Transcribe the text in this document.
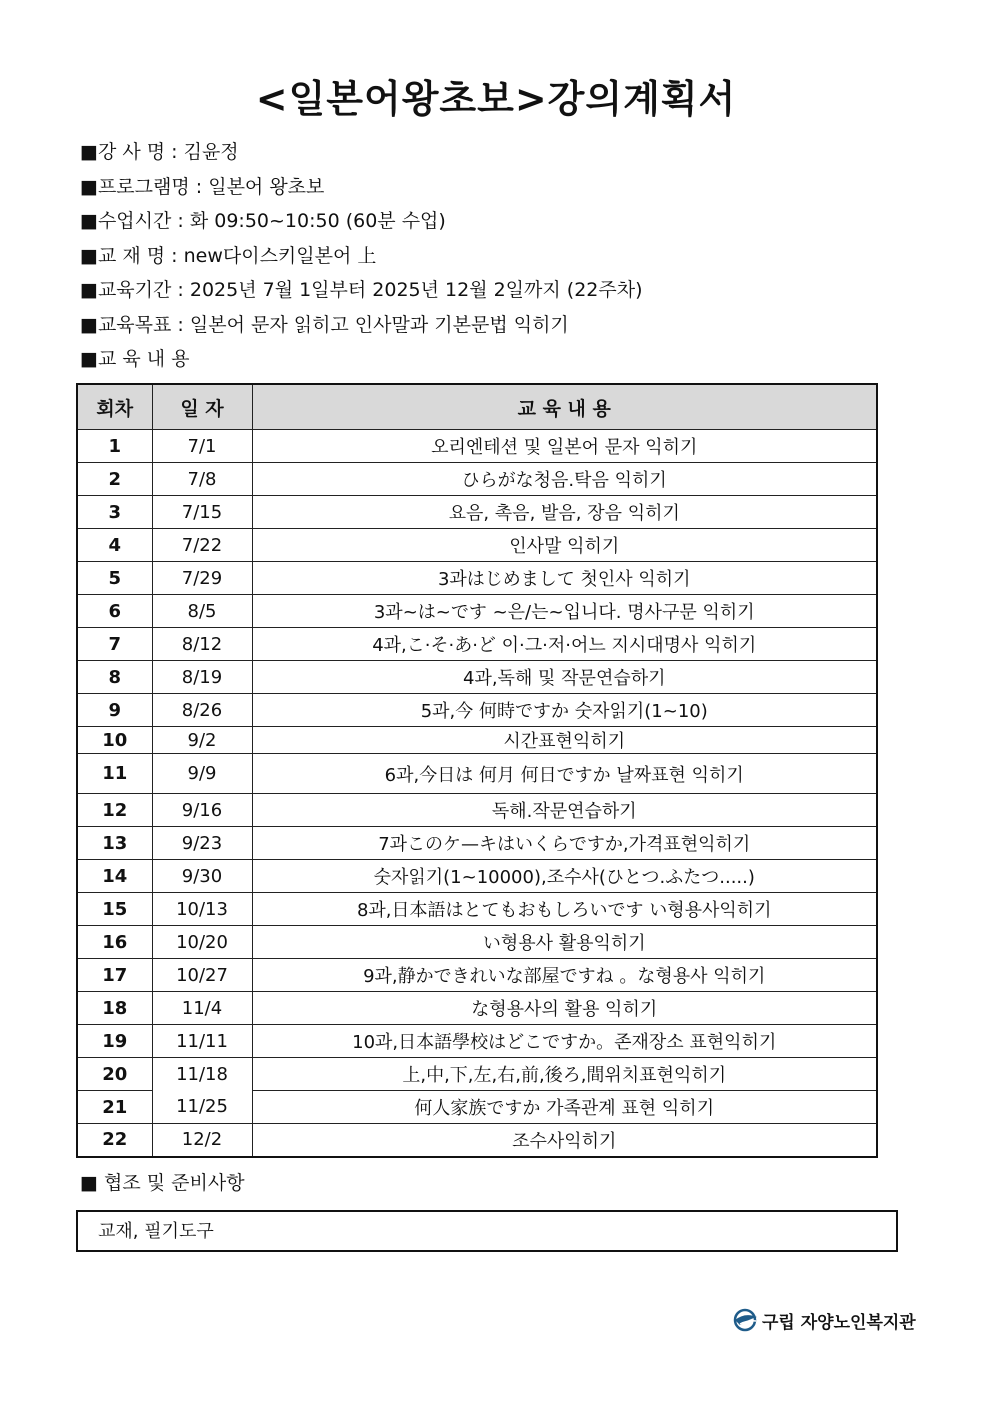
<일본어왕초보>강의계획서
■강 사 명 : 김윤정
■프로그램명 : 일본어 왕초보
■수업시간 : 화 09:50~10:50 (60분 수업)
■교 재 명 : new다이스키일본어 上
■교육기간 : 2025년 7월 1일부터 2025년 12월 2일까지 (22주차)
■교육목표 : 일본어 문자 읽히고 인사말과 기본문법 익히기
■교 육 내 용
회차	일 자	교 육 내 용
1	7/1	오리엔테션 및 일본어 문자 익히기
2	7/8	ひらがな청음.탁음 익히기
3	7/15	요음, 촉음, 발음, 장음 익히기
4	7/22	인사말 익히기
5	7/29	3과はじめまして 첫인사 익히기
6	8/5	3과~は~です ~은/는~입니다. 명사구문 익히기
7	8/12	4과,こ·そ·あ·ど 이·그·저·어느 지시대명사 익히기
8	8/19	4과,독해 및 작문연습하기
9	8/26	5과,今 何時ですか 숫자읽기(1~10)
10	9/2	시간표현익히기
11	9/9	6과,今日は 何月 何日ですか 날짜표현 익히기
12	9/16	독해.작문연습하기
13	9/23	7과このケ—キはいくらですか,가격표현익히기
14	9/30	숫자읽기(1~10000),조수사(ひとつ.ふたつ.....)
15	10/13	8과,日本語はとてもおもしろいです い형용사익히기
16	10/20	い형용사 활용익히기
17	10/27	9과,静かできれいな部屋ですね 。な형용사 익히기
18	11/4	な형용사의 활용 익히기
19	11/11	10과,日本語學校はどこですか。존재장소 표현익히기
20	11/18	上,中,下,左,右,前,後ろ,間위치표현익히기
21	11/25	何人家族ですか 가족관계 표현 익히기
22	12/2	조수사익히기
■ 협조 및 준비사항
교재, 필기도구
구립 자양노인복지관
